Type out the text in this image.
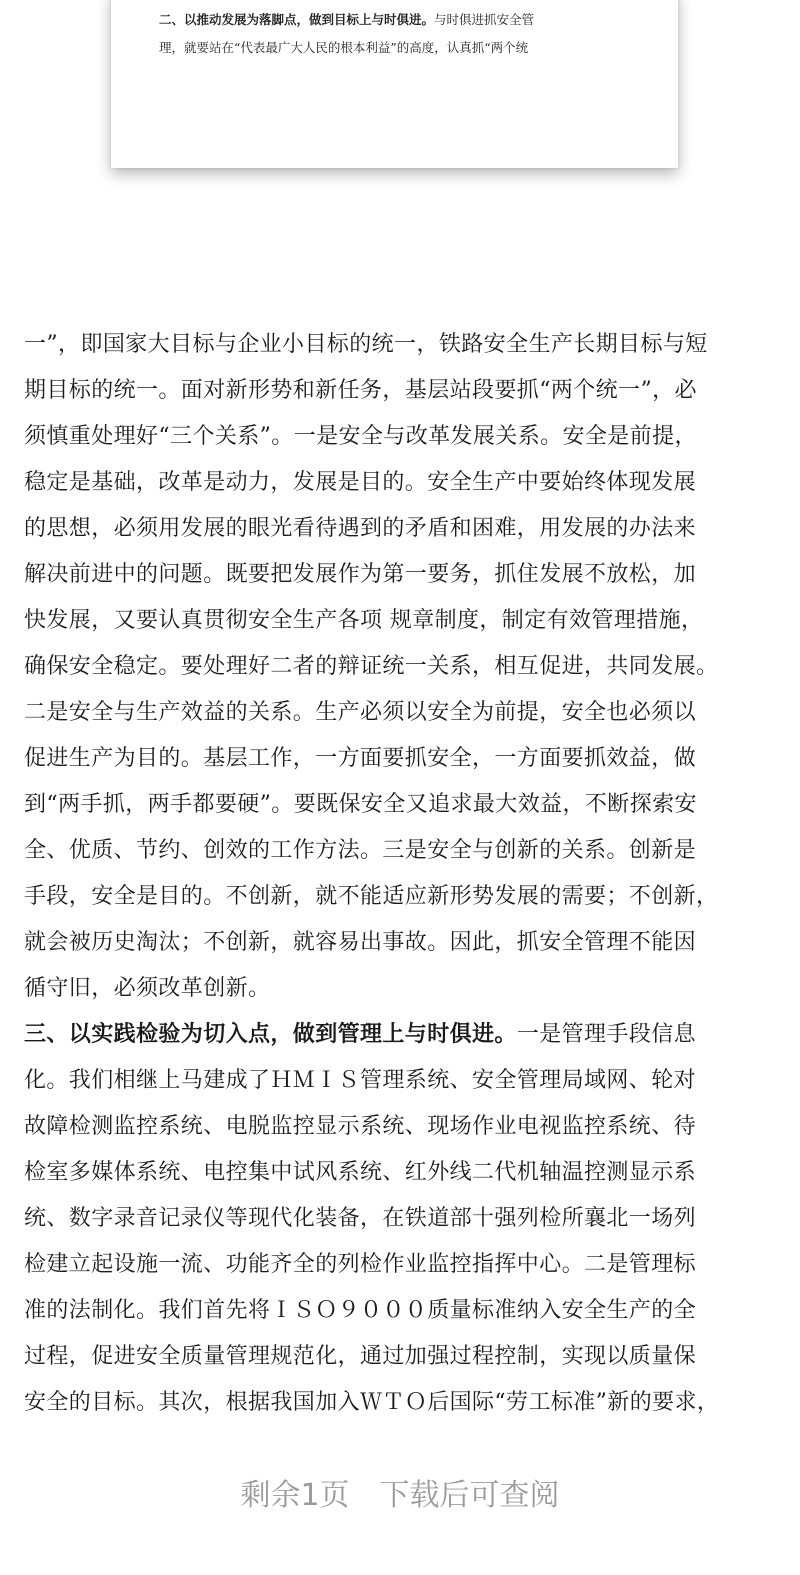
二、以推动发展为落脚点，做到目标上与时俱进。与时俱进抓安全管
理，就要站在“代表最广大人民的根本利益”的高度，认真抓“两个统

一”，即国家大目标与企业小目标的统一，铁路安全生产长期目标与短
期目标的统一。面对新形势和新任务，基层站段要抓“两个统一”，必
须慎重处理好“三个关系”。一是安全与改革发展关系。安全是前提，
稳定是基础，改革是动力，发展是目的。安全生产中要始终体现发展
的思想，必须用发展的眼光看待遇到的矛盾和困难，用发展的办法来
解决前进中的问题。既要把发展作为第一要务，抓住发展不放松，加
快发展，又要认真贯彻安全生产各项 规章制度，制定有效管理措施，
确保安全稳定。要处理好二者的辩证统一关系，相互促进，共同发展。
二是安全与生产效益的关系。生产必须以安全为前提，安全也必须以
促进生产为目的。基层工作，一方面要抓安全，一方面要抓效益，做
到“两手抓，两手都要硬”。要既保安全又追求最大效益，不断探索安
全、优质、节约、创效的工作方法。三是安全与创新的关系。创新是
手段，安全是目的。不创新，就不能适应新形势发展的需要；不创新，
就会被历史淘汰；不创新，就容易出事故。因此，抓安全管理不能因
循守旧，必须改革创新。
三、以实践检验为切入点，做到管理上与时俱进。一是管理手段信息
化。我们相继上马建成了ＨＭＩＳ管理系统、安全管理局域网、轮对
故障检测监控系统、电脱监控显示系统、现场作业电视监控系统、待
检室多媒体系统、电控集中试风系统、红外线二代机轴温控测显示系
统、数字录音记录仪等现代化装备，在铁道部十强列检所襄北一场列
检建立起设施一流、功能齐全的列检作业监控指挥中心。二是管理标
准的法制化。我们首先将ＩＳＯ９０００质量标准纳入安全生产的全
过程，促进安全质量管理规范化，通过加强过程控制，实现以质量保
安全的目标。其次，根据我国加入ＷＴＯ后国际“劳工标准”新的要求，

剩余1页　下载后可查阅
